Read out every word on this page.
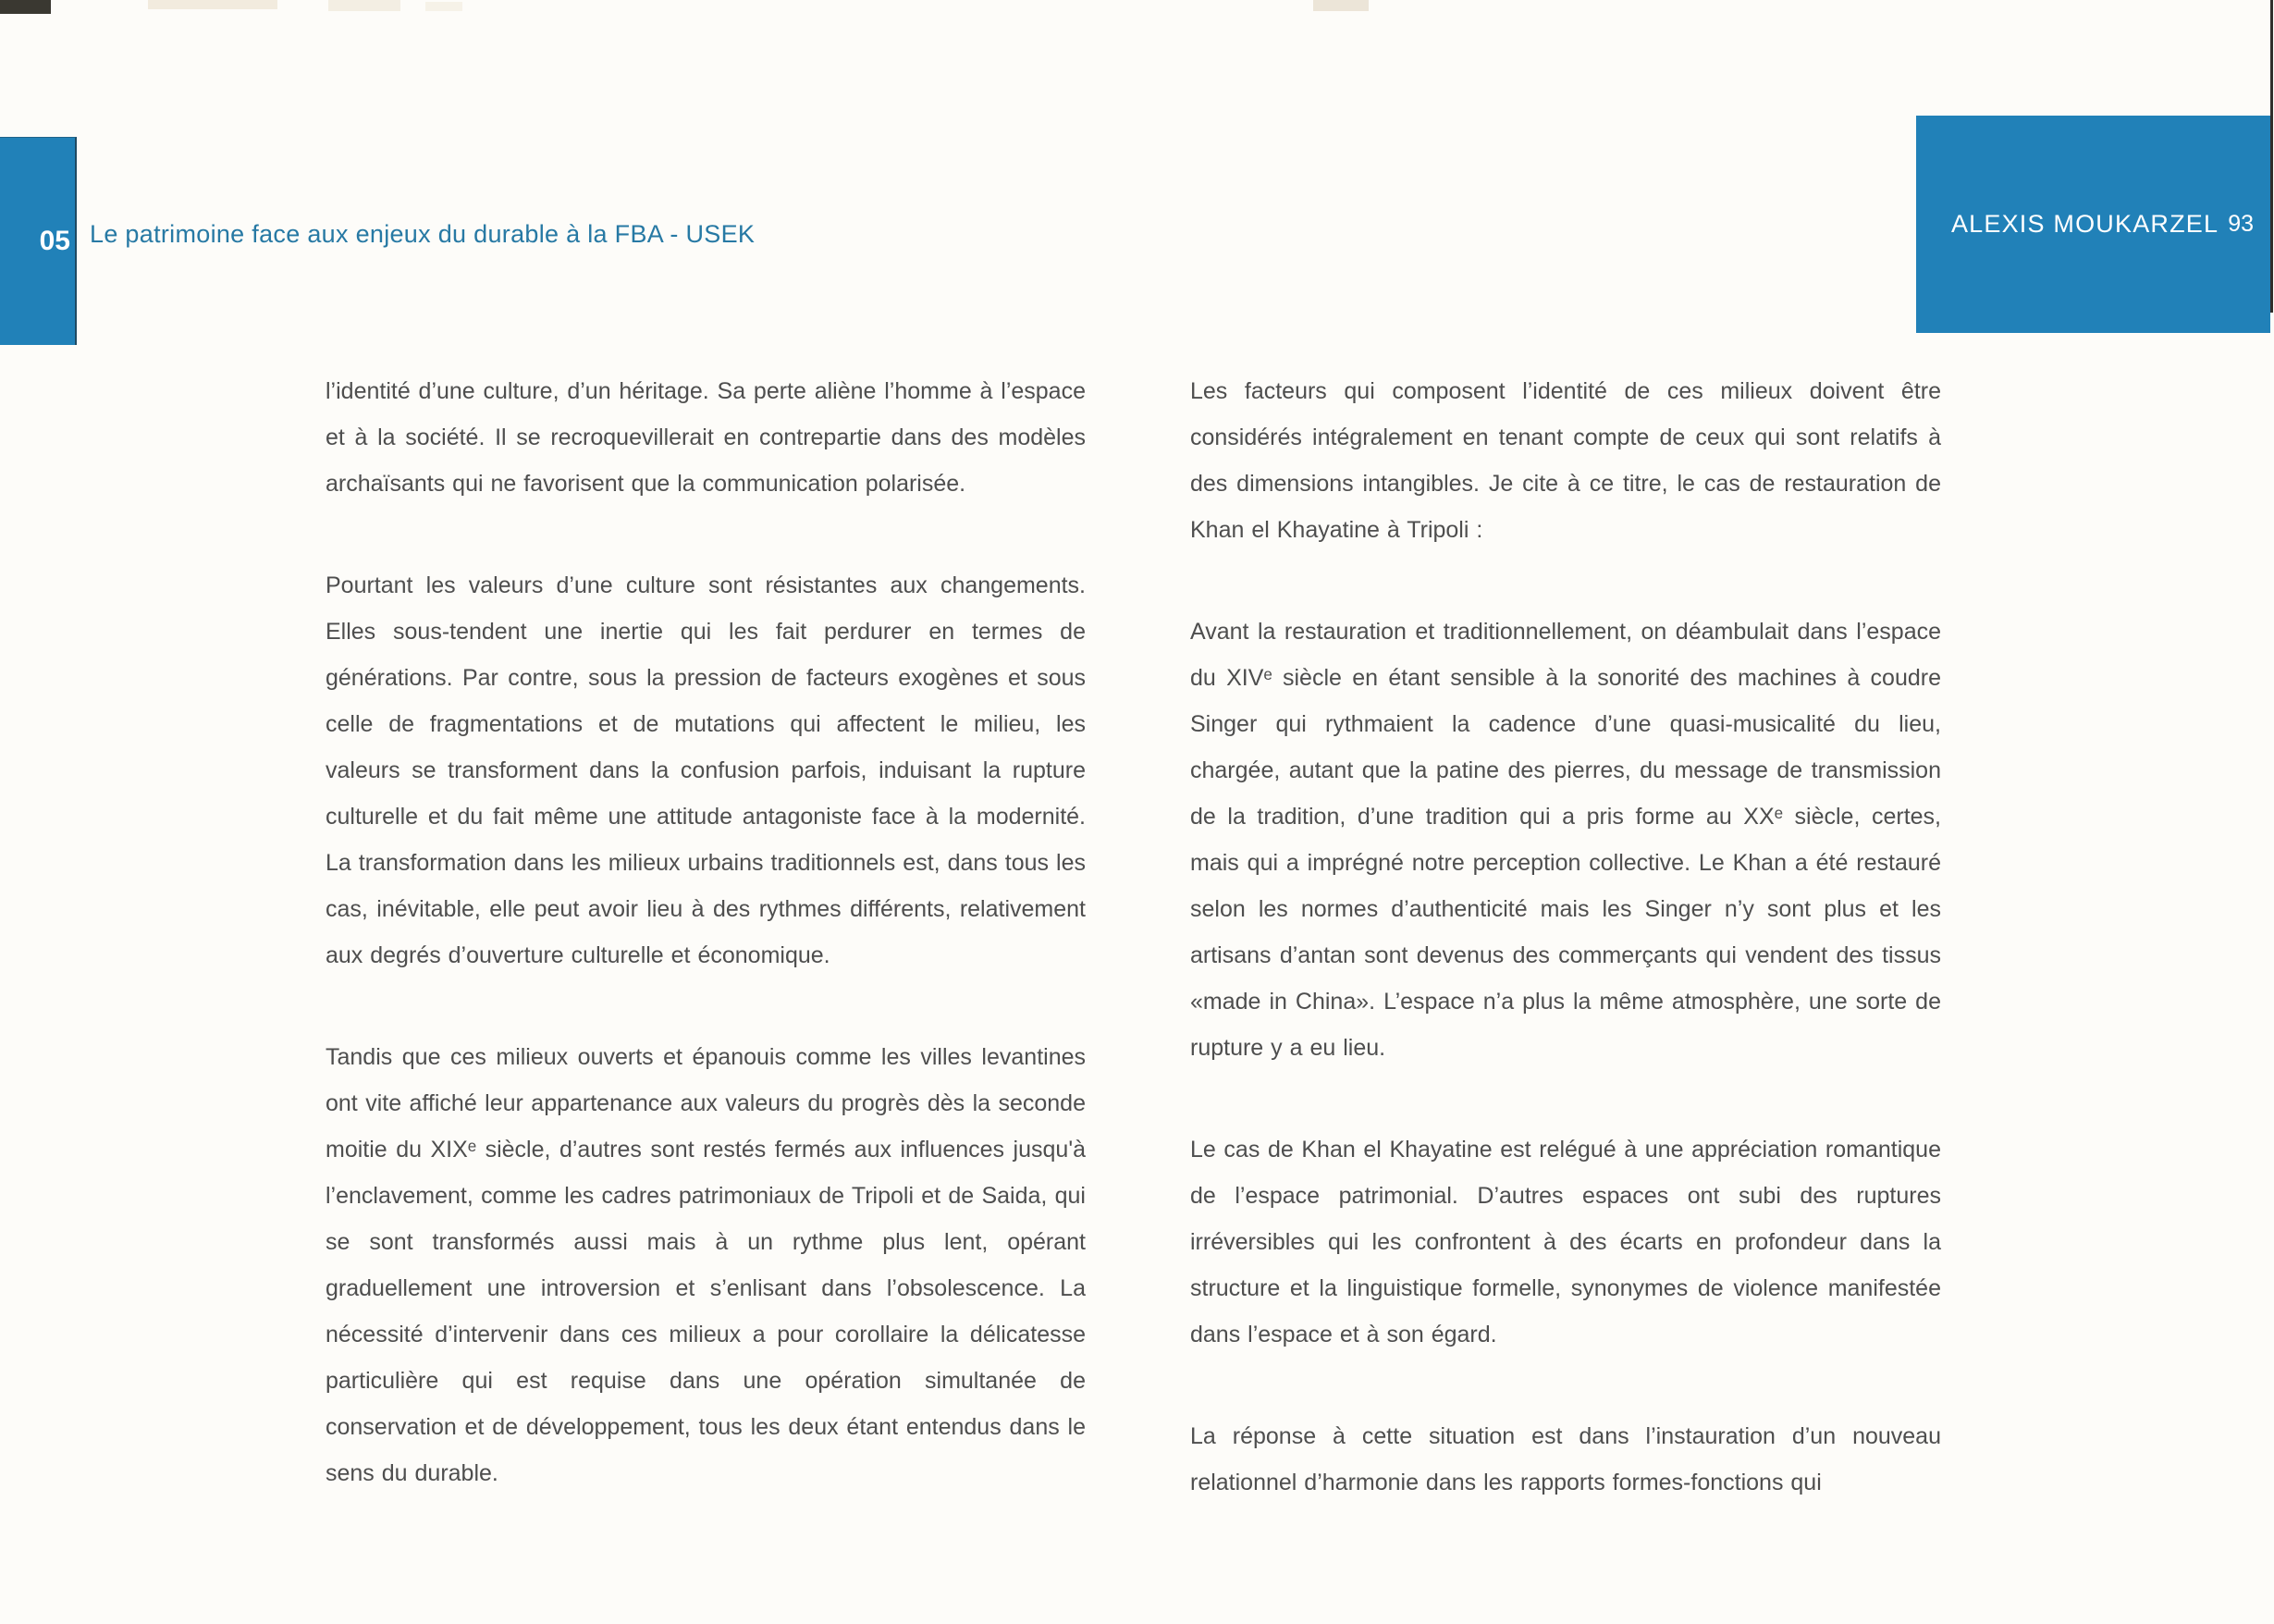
05 Le patrimoine face aux enjeux du durable à la FBA - USEK	ALEXIS MOUKARZEL 93

l’identité d’une culture, d’un héritage. Sa perte aliène l’homme à l’espace et à la société. Il se recroquevillerait en contrepartie dans des modèles archaïsants qui ne favorisent que la communication polarisée.

Pourtant les valeurs d’une culture sont résistantes aux changements. Elles sous-tendent une inertie qui les fait perdurer en termes de générations. Par contre, sous la pression de facteurs exogènes et sous celle de fragmentations et de mutations qui affectent le milieu, les valeurs se transforment dans la confusion parfois, induisant la rupture culturelle et du fait même une attitude antagoniste face à la modernité. La transformation dans les milieux urbains traditionnels est, dans tous les cas, inévitable, elle peut avoir lieu à des rythmes différents, relativement aux degrés d’ouverture culturelle et économique.

Tandis que ces milieux ouverts et épanouis comme les villes levantines ont vite affiché leur appartenance aux valeurs du progrès dès la seconde moitie du XIXᵉ siècle, d’autres sont restés fermés aux influences jusqu'à l’enclavement, comme les cadres patrimoniaux de Tripoli et de Saida, qui se sont transformés aussi mais à un rythme plus lent, opérant graduellement une introversion et s’enlisant dans l’obsolescence. La nécessité d’intervenir dans ces milieux a pour corollaire la délicatesse particulière qui est requise dans une opération simultanée de conservation et de développement, tous les deux étant entendus dans le sens du durable.

Les facteurs qui composent l’identité de ces milieux doivent être considérés intégralement en tenant compte de ceux qui sont relatifs à des dimensions intangibles. Je cite à ce titre, le cas de restauration de Khan el Khayatine à Tripoli :

Avant la restauration et traditionnellement, on déambulait dans l’espace du XIVᵉ siècle en étant sensible à la sonorité des machines à coudre Singer qui rythmaient la cadence d’une quasi-musicalité du lieu, chargée, autant que la patine des pierres, du message de transmission de la tradition, d’une tradition qui a pris forme au XXᵉ siècle, certes, mais qui a imprégné notre perception collective. Le Khan a été restauré selon les normes d’authenticité mais les Singer n’y sont plus et les artisans d’antan sont devenus des commerçants qui vendent des tissus «made in China». L’espace n’a plus la même atmosphère, une sorte de rupture y a eu lieu.

Le cas de Khan el Khayatine est relégué à une appréciation romantique de l’espace patrimonial. D’autres espaces ont subi des ruptures irréversibles qui les confrontent à des écarts en profondeur dans la structure et la linguistique formelle, synonymes de violence manifestée dans l’espace et à son égard.

La réponse à cette situation est dans l’instauration d’un nouveau relationnel d’harmonie dans les rapports formes-fonctions qui
